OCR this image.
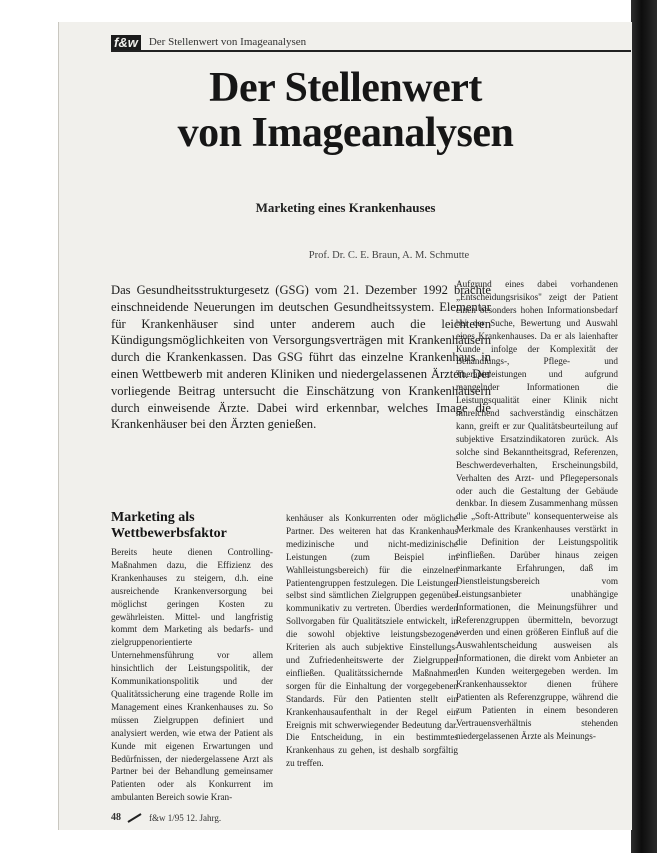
f&w Der Stellenwert von Imageanalysen
Der Stellenwert
von Imageanalysen
Marketing eines Krankenhauses
Prof. Dr. C. E. Braun, A. M. Schmutte

Das Gesundheitsstrukturgesetz (GSG) vom 21. Dezember 1992 brachte einschneidende Neuerungen im deutschen Gesundheitssystem. Elementar für Krankenhäuser sind unter anderem auch die leichteren Kündigungsmöglichkeiten von Versorgungsverträgen mit Krankenhäusern durch die Krankenkassen. Das GSG führt das einzelne Krankenhaus in einen Wettbewerb mit anderen Kliniken und niedergelassenen Ärzten. Der vorliegende Beitrag untersucht die Einschätzung von Krankenhäusern durch einweisende Ärzte. Dabei wird erkennbar, welches Image die Krankenhäuser bei den Ärzten genießen.

Marketing als Wettbewerbsfaktor

Bereits heute dienen Controlling-Maßnahmen dazu, die Effizienz des Krankenhauses zu steigern, d.h. eine ausreichende Krankenversorgung bei möglichst geringen Kosten zu gewährleisten. Mittel- und langfristig kommt dem Marketing als bedarfs- und zielgruppenorientierte Unternehmensführung vor allem hinsichtlich der Leistungspolitik, der Kommunikationspolitik und der Qualitätssicherung eine tragende Rolle im Management eines Krankenhauses zu. So müssen Zielgruppen definiert und analysiert werden, wie etwa der Patient als Kunde mit eigenen Erwartungen und Bedürfnissen, der niedergelassene Arzt als Partner bei der Behandlung gemeinsamer Patienten oder als Konkurrent im ambulanten Bereich sowie Kran-

kenhäuser als Konkurrenten oder mögliche Partner. Des weiteren hat das Krankenhaus medizinische und nicht-medizinische Leistungen (zum Beispiel im Wahlleistungsbereich) für die einzelnen Patientengruppen festzulegen. Die Leistungen selbst sind sämtlichen Zielgruppen gegenüber kommunikativ zu vertreten. Überdies werden Sollvorgaben für Qualitätsziele entwickelt, in die sowohl objektive leistungsbezogene Kriterien als auch subjektive Einstellungs- und Zufriedenheitswerte der Zielgruppen einfließen. Qualitätssichernde Maßnahmen sorgen für die Einhaltung der vorgegebenen Standards. Für den Patienten stellt ein Krankenhausaufenthalt in der Regel ein Ereignis mit schwerwiegender Bedeutung dar. Die Entscheidung, in ein bestimmtes Krankenhaus zu gehen, ist deshalb sorgfältig zu treffen.

Aufgrund eines dabei vorhandenen „Entscheidungsrisikos" zeigt der Patient einen besonders hohen Informationsbedarf bei der Suche, Bewertung und Auswahl eines Krankenhauses. Da er als laienhafter Kunde infolge der Komplexität der Behandlungs-, Pflege- und Therapieleistungen und aufgrund mangelnder Informationen die Leistungsqualität einer Klinik nicht hinreichend sachverständig einschätzen kann, greift er zur Qualitätsbeurteilung auf subjektive Ersatzindikatoren zurück. Als solche sind Bekanntheitsgrad, Referenzen, Beschwerdeverhalten, Erscheinungsbild, Verhalten des Arzt- und Pflegepersonals oder auch die Gestaltung der Gebäude denkbar. In diesem Zusammenhang müssen die „Soft-Attribute" konsequenterweise als Merkmale des Krankenhauses verstärkt in die Definition der Leistungspolitik einfließen. Darüber hinaus zeigen einmarkante Erfahrungen, daß im Dienstleistungsbereich vom Leistungsanbieter unabhängige Informationen, die Meinungsführer und Referenzgruppen übermitteln, bevorzugt werden und einen größeren Einfluß auf die Auswahlentscheidung ausweisen als Informationen, die direkt vom Anbieter an den Kunden weitergegeben werden. Im Krankenhaussektor dienen frühere Patienten als Referenzgruppe, während die zum Patienten in einem besonderen Vertrauensverhältnis stehenden niedergelassenen Ärzte als Meinungs-

48	f&w 1/95 12. Jahrg.
